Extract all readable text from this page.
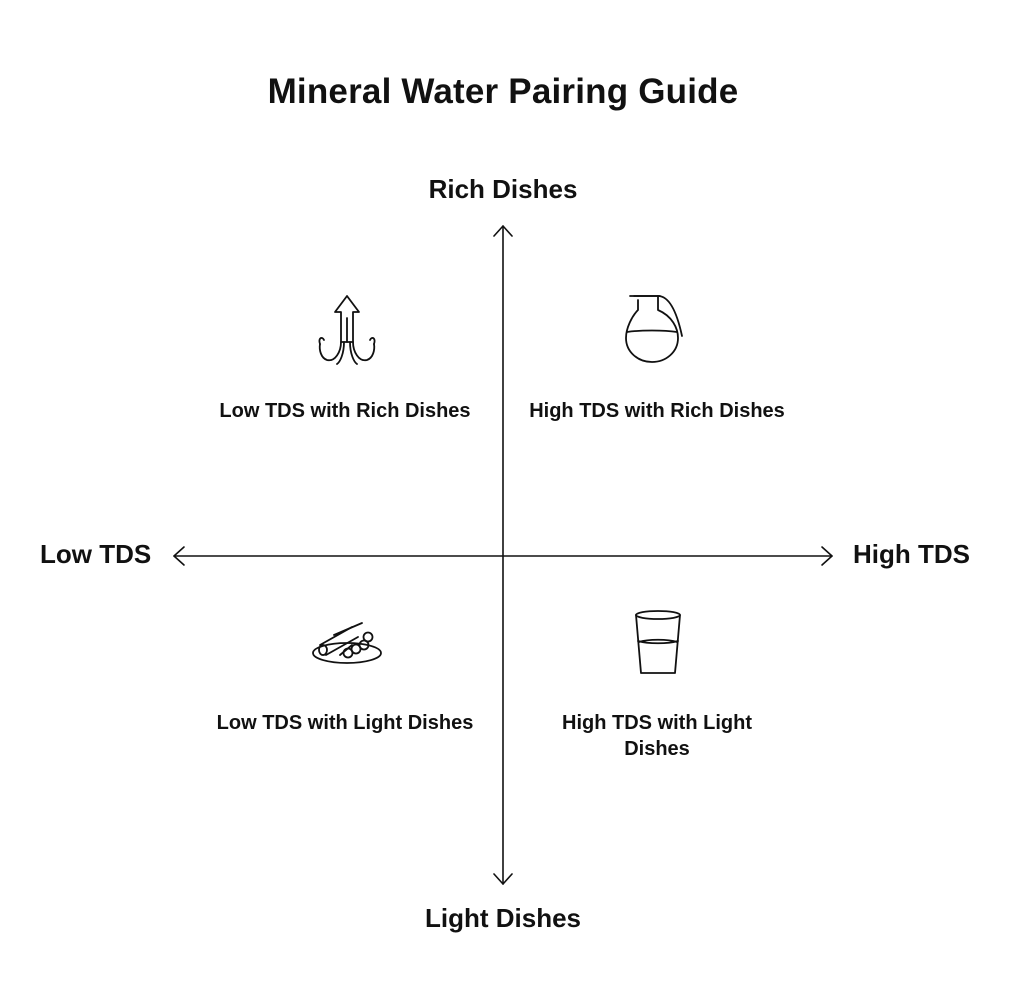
Mineral Water Pairing Guide
Rich Dishes
Light Dishes
Low TDS	High TDS
Low TDS with Rich Dishes	High TDS with Rich Dishes
Low TDS with Light Dishes	High TDS with Light Dishes
